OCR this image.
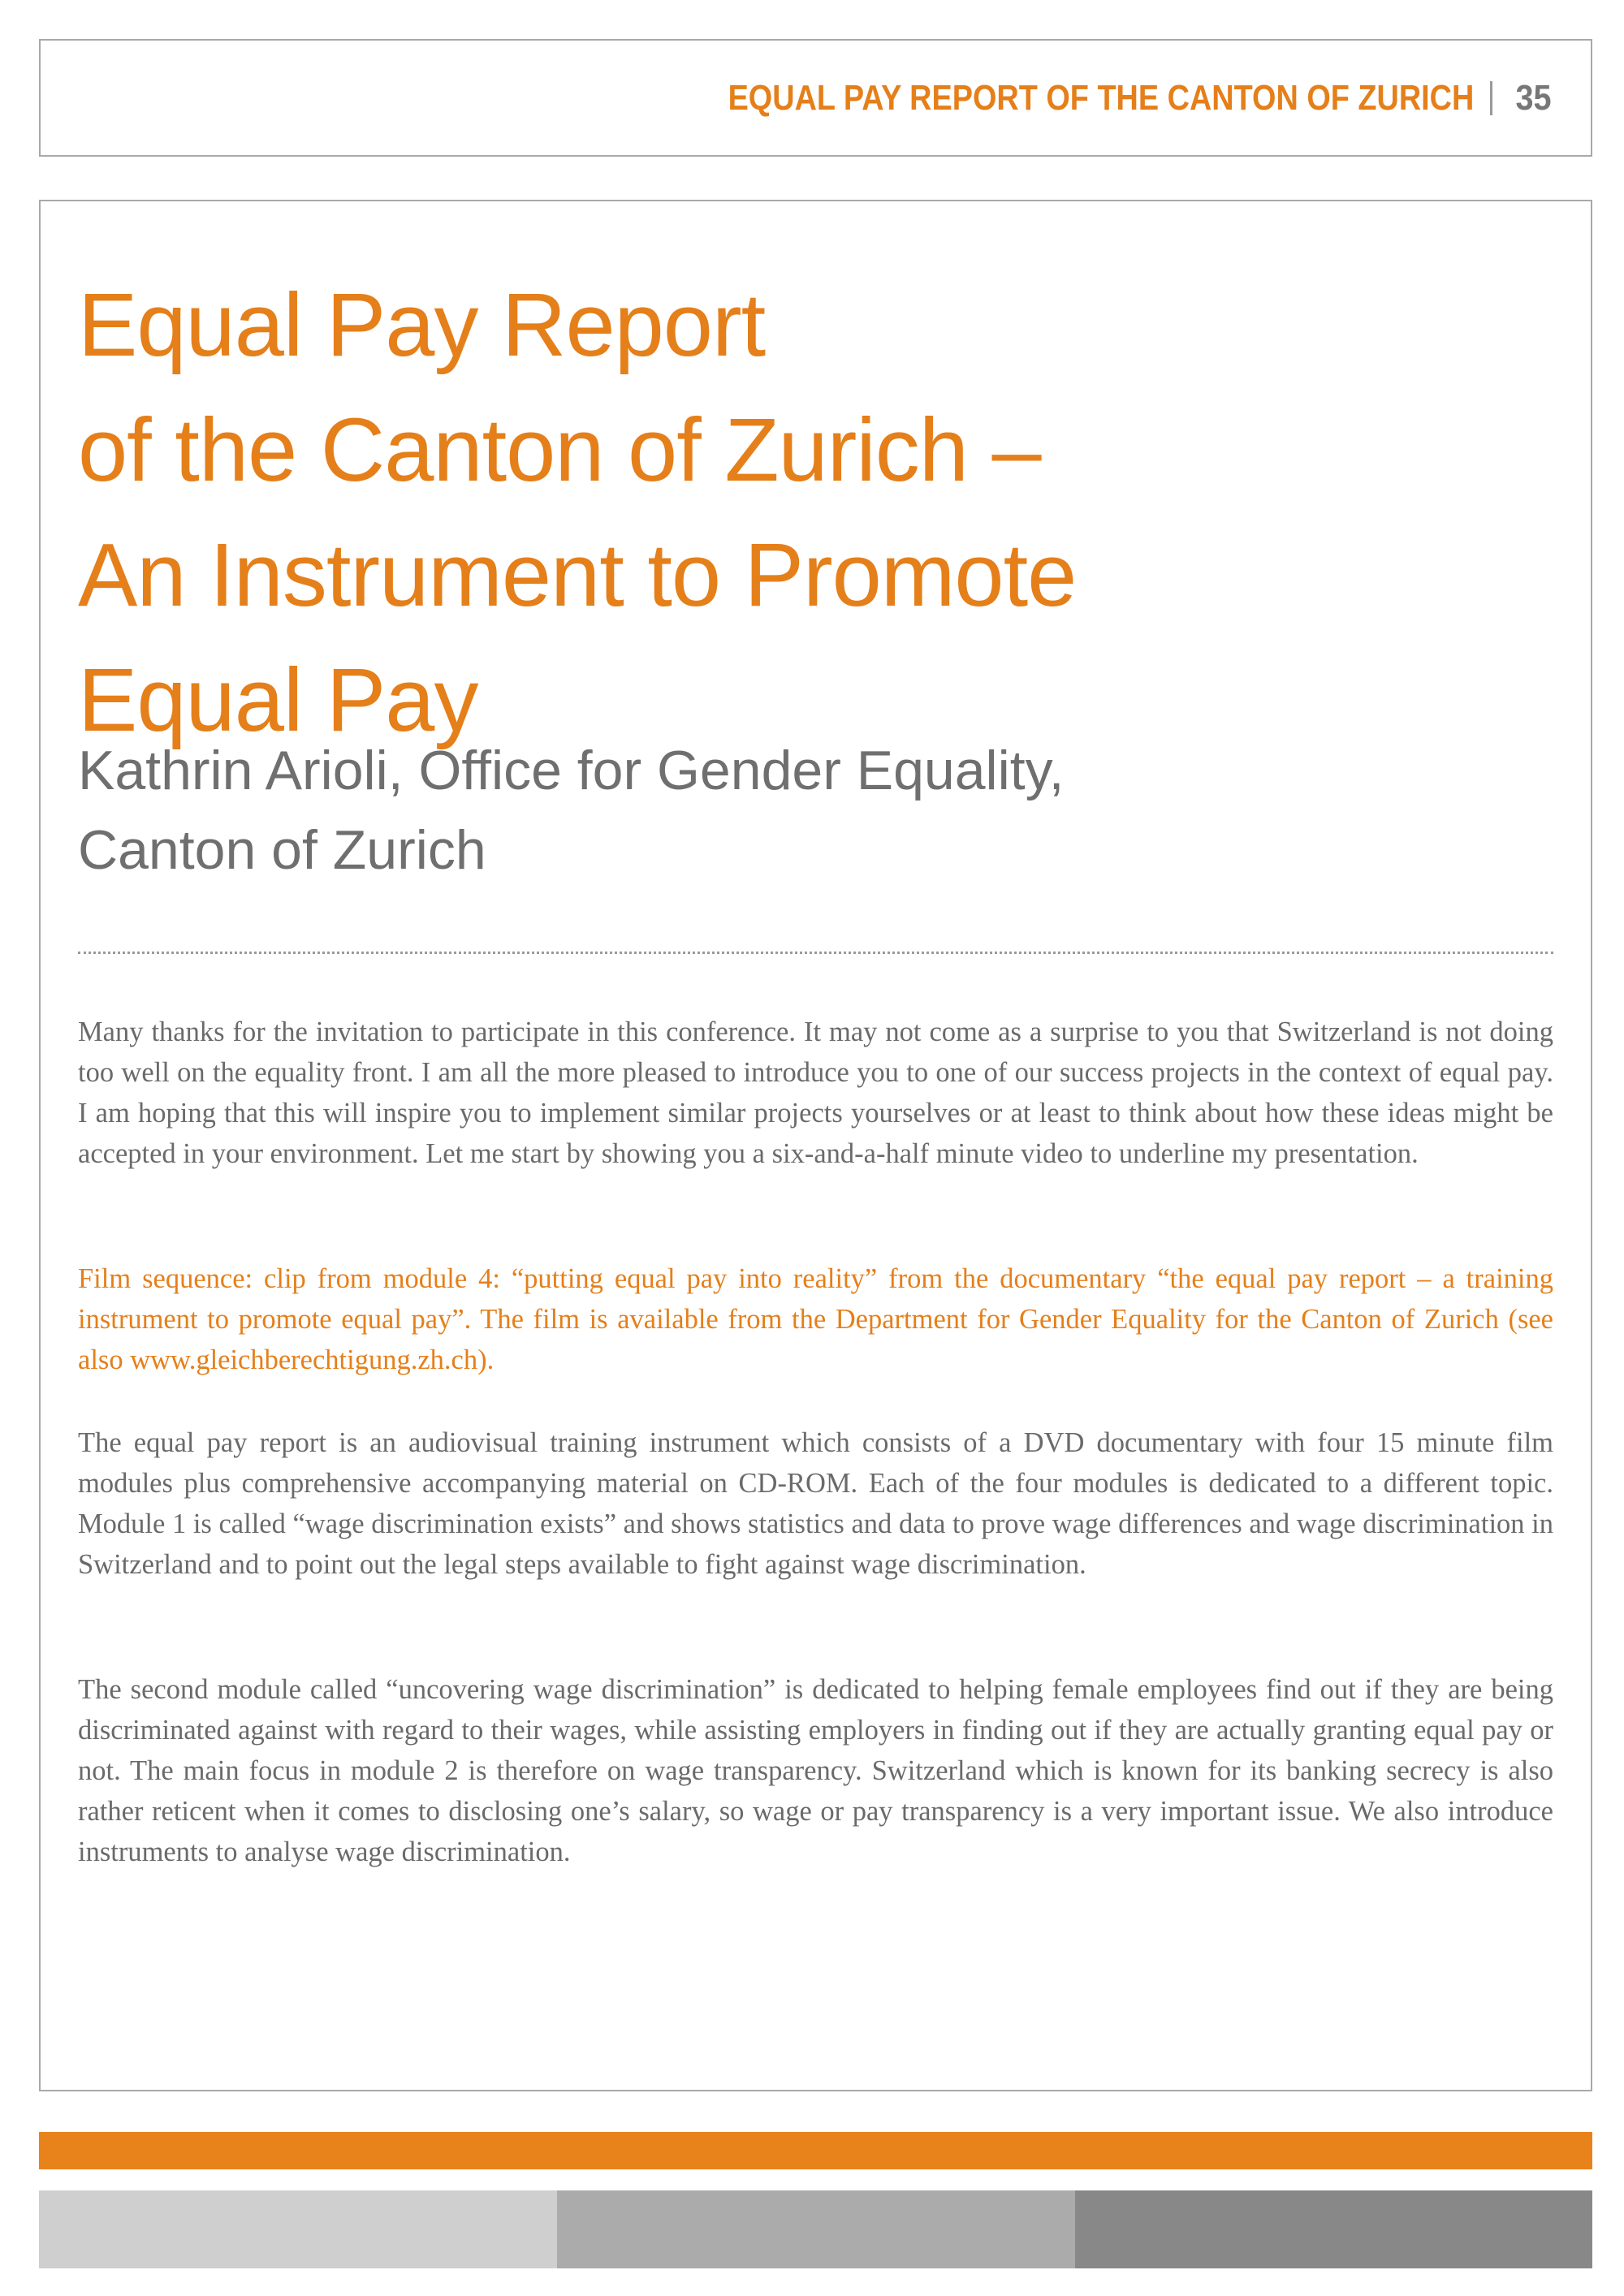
EQUAL PAY REPORT OF THE CANTON OF ZURICH 35
Equal Pay Report
of the Canton of Zurich –
An Instrument to Promote
Equal Pay
Kathrin Arioli, Office for Gender Equality,
Canton of Zurich

Many thanks for the invitation to participate in this conference. It may not come as a surprise to you that Switzerland is not doing too well on the equality front. I am all the more pleased to introduce you to one of our success projects in the context of equal pay. I am hoping that this will inspire you to implement similar projects yourselves or at least to think about how these ideas might be accepted in your environment. Let me start by showing you a six-and-a-half minute video to underline my presentation.

Film sequence: clip from module 4: “putting equal pay into reality” from the documentary “the equal pay report – a training instrument to promote equal pay”. The film is available from the Department for Gender Equality for the Canton of Zurich (see also www.gleichberechtigung.zh.ch).

The equal pay report is an audiovisual training instrument which consists of a DVD documentary with four 15 minute film modules plus comprehensive accompanying material on CD-ROM. Each of the four modules is dedicated to a different topic. Module 1 is called “wage discrimination exists” and shows statistics and data to prove wage differences and wage discrimination in Switzerland and to point out the legal steps available to fight against wage discrimination.

The second module called “uncovering wage discrimination” is dedicated to helping female employees find out if they are being discriminated against with regard to their wages, while assisting employers in finding out if they are actually granting equal pay or not. The main focus in module 2 is therefore on wage transparency. Switzerland which is known for its banking secrecy is also rather reticent when it comes to disclosing one’s salary, so wage or pay transparency is a very important issue. We also introduce instruments to analyse wage discrimination.
